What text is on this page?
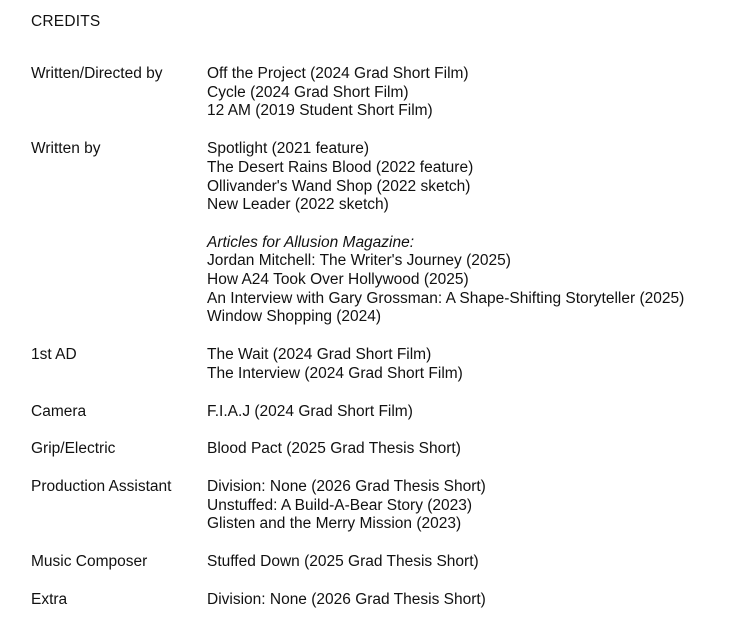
CREDITS
Written/Directed by	Off the Project (2024 Grad Short Film)
Cycle (2024 Grad Short Film)
12 AM (2019 Student Short Film)
Written by	Spotlight (2021 feature)
The Desert Rains Blood (2022 feature)
Ollivander's Wand Shop (2022 sketch)
New Leader (2022 sketch)
Articles for Allusion Magazine:
Jordan Mitchell: The Writer's Journey (2025)
How A24 Took Over Hollywood (2025)
An Interview with Gary Grossman: A Shape-Shifting Storyteller (2025)
Window Shopping (2024)
1st AD	The Wait (2024 Grad Short Film)
The Interview (2024 Grad Short Film)
Camera	F.I.A.J (2024 Grad Short Film)
Grip/Electric	Blood Pact (2025 Grad Thesis Short)
Production Assistant	Division: None (2026 Grad Thesis Short)
Unstuffed: A Build-A-Bear Story (2023)
Glisten and the Merry Mission (2023)
Music Composer	Stuffed Down (2025 Grad Thesis Short)
Extra	Division: None (2026 Grad Thesis Short)
